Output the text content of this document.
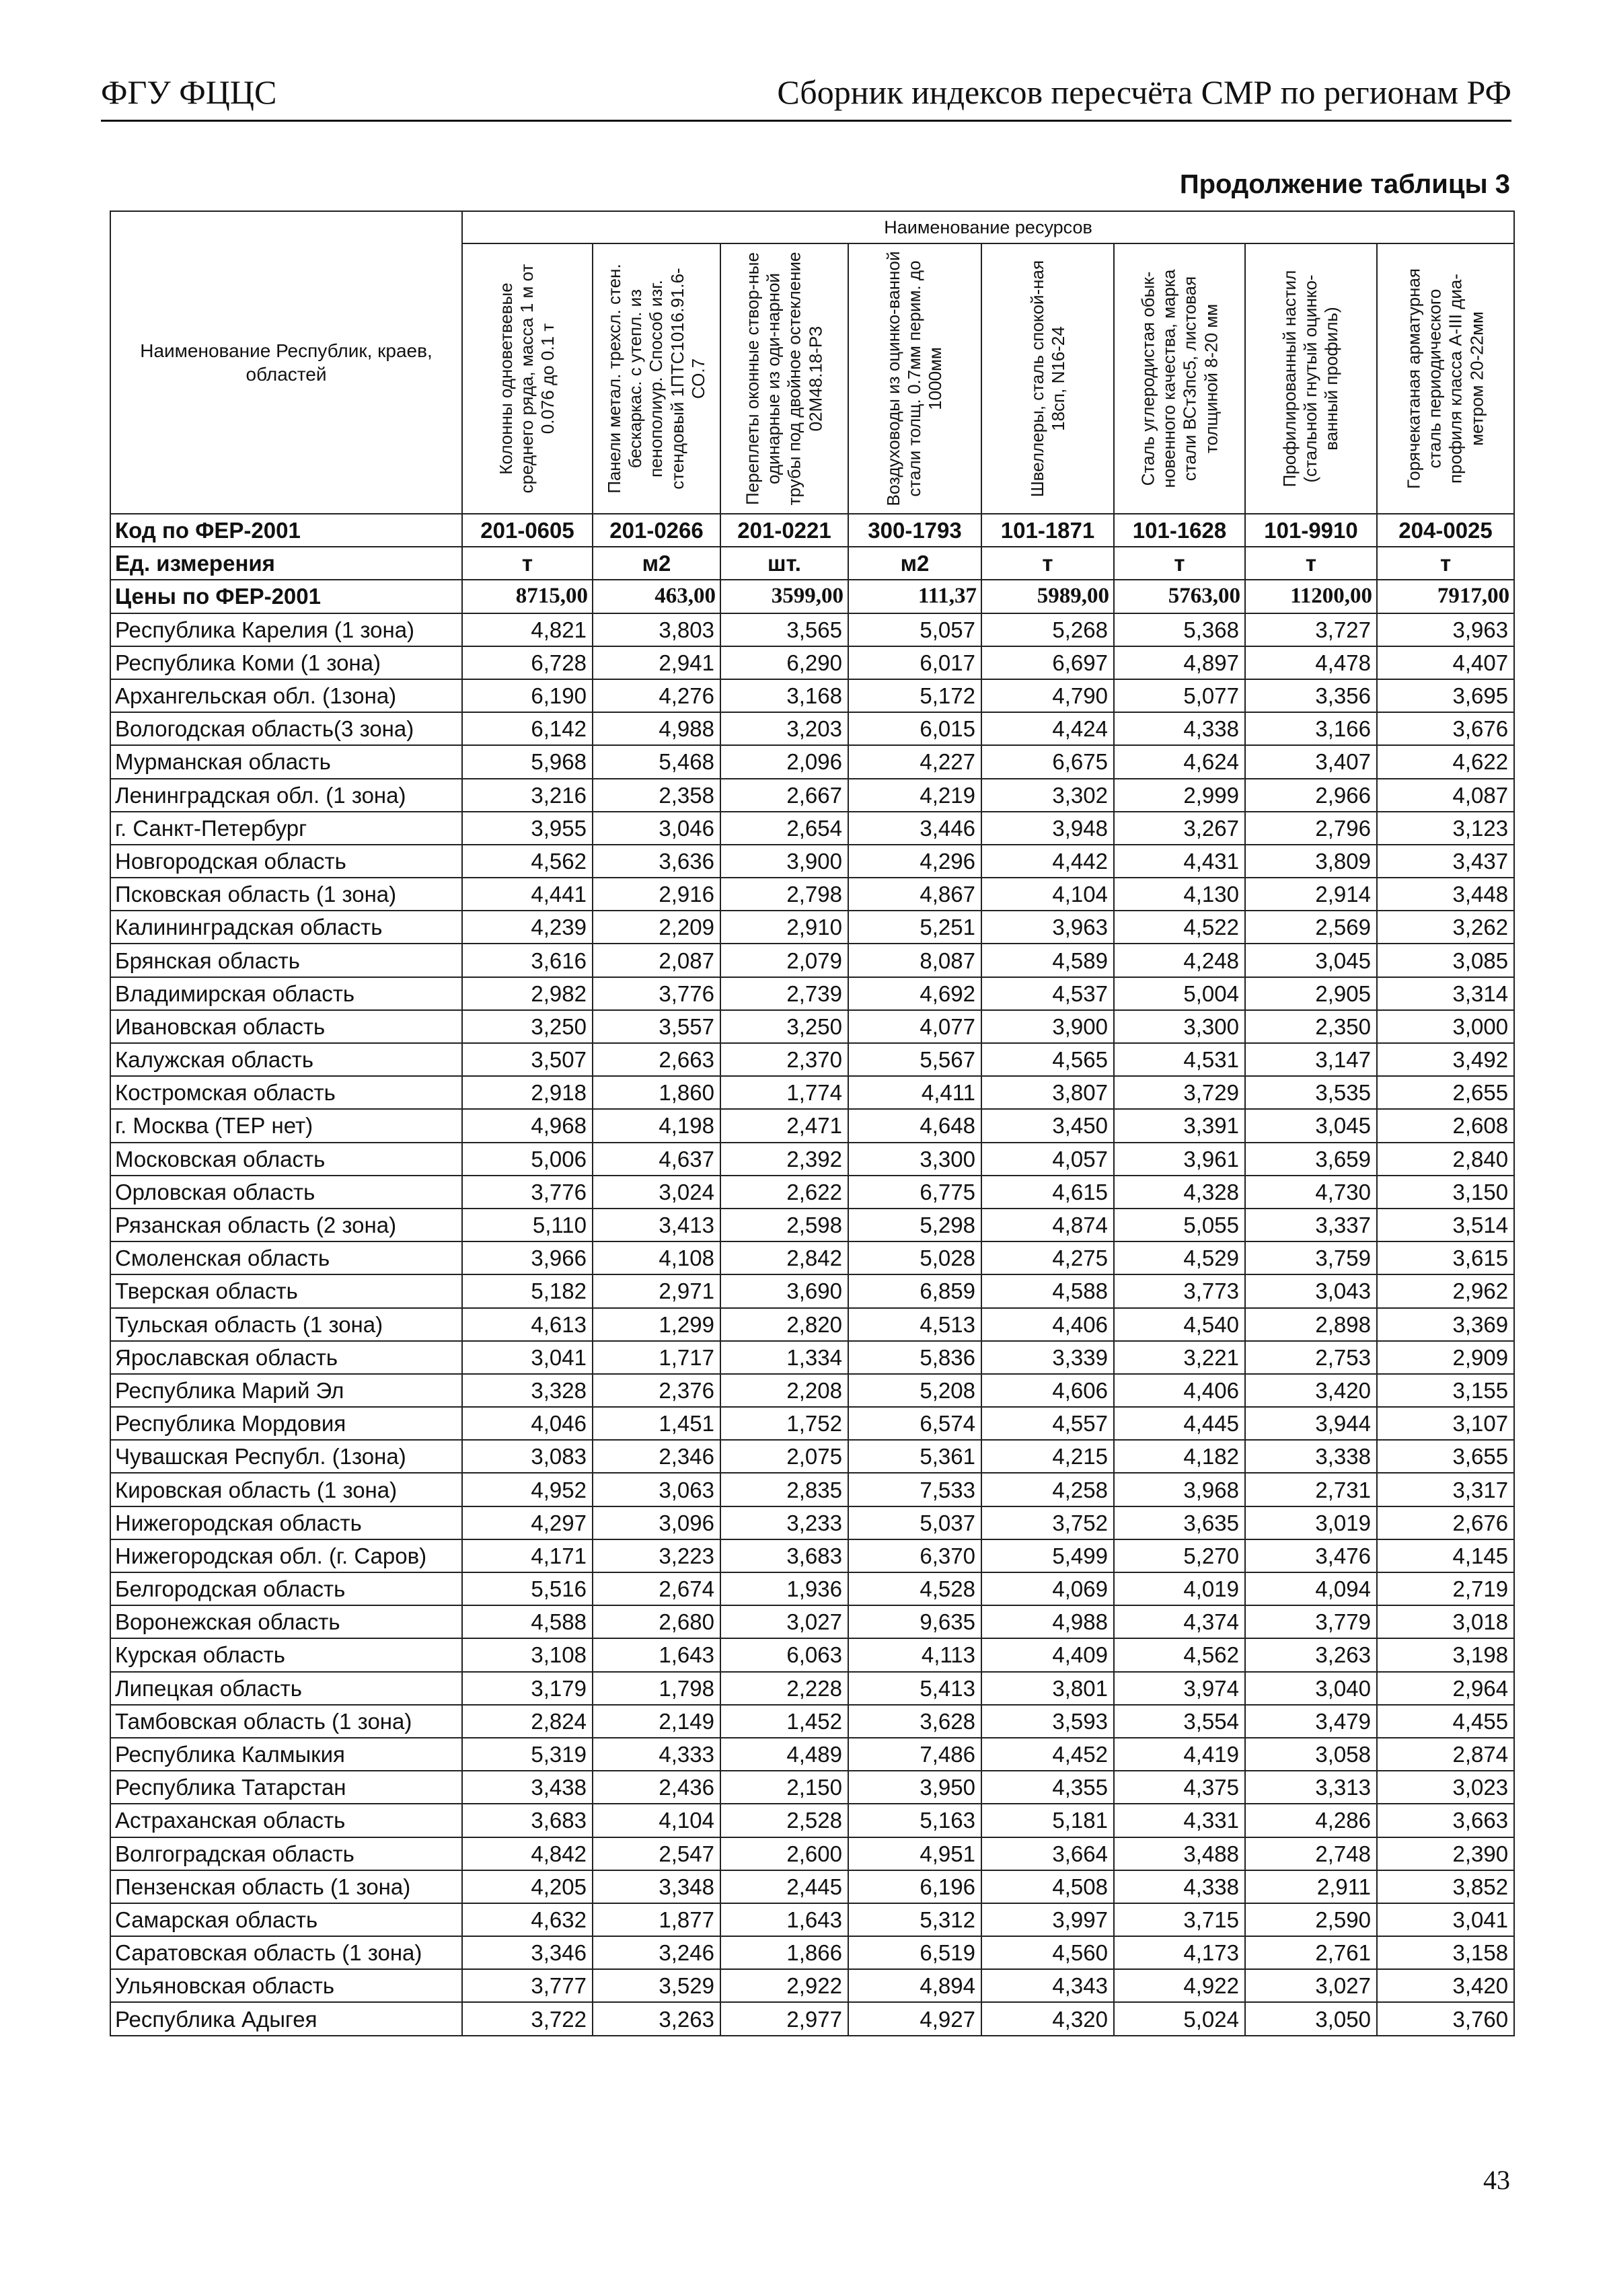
ФГУ ФЦЦС	Сборник индексов пересчёта СМР по регионам РФ
Продолжение таблицы 3
Наименование Республик, краев, областей	Наименование ресурсов							

	Колонны одноветвевые среднего ряда, масса 1 м от 0.076 до 0.1 т	Панели метал. трехсл. стен. бескаркас. с утепл. из пенополиур. Способ изг. стендовый 1ПТС1016.91.6-СО.7	Переплеты оконные створ-ные одинарные из оди-нарной трубы под двойное остекление 02М48.18-РЗ	Воздуховоды из оцинко-ванной стали толщ. 0.7мм перим. до 1000мм	Швеллеры, сталь спокой-ная 18сп, N16-24	Сталь углеродистая обык-новенного качества, марка стали ВСт3пс5, листовая толщиной 8-20 мм	Профилированный настил (стальной гнутый оцинко-ванный профиль)	Горячекатаная арматурная сталь периодического профиля класса А-III диа-метром 20-22мм

Код по ФЕР-2001	201-0605	201-0266	201-0221	300-1793	101-1871	101-1628	101-9910	204-0025
Ед. измерения	т	м2	шт.	м2	т	т	т	т
Цены по ФЕР-2001	8715,00	463,00	3599,00	111,37	5989,00	5763,00	11200,00	7917,00
Республика Карелия (1 зона)	4,821	3,803	3,565	5,057	5,268	5,368	3,727	3,963
Республика Коми (1 зона)	6,728	2,941	6,290	6,017	6,697	4,897	4,478	4,407
Архангельская обл. (1зона)	6,190	4,276	3,168	5,172	4,790	5,077	3,356	3,695
Вологодская область(3 зона)	6,142	4,988	3,203	6,015	4,424	4,338	3,166	3,676
Мурманская область	5,968	5,468	2,096	4,227	6,675	4,624	3,407	4,622
Ленинградская обл. (1 зона)	3,216	2,358	2,667	4,219	3,302	2,999	2,966	4,087
г. Санкт-Петербург	3,955	3,046	2,654	3,446	3,948	3,267	2,796	3,123
Новгородская область	4,562	3,636	3,900	4,296	4,442	4,431	3,809	3,437
Псковская область (1 зона)	4,441	2,916	2,798	4,867	4,104	4,130	2,914	3,448
Калининградская область	4,239	2,209	2,910	5,251	3,963	4,522	2,569	3,262
Брянская область	3,616	2,087	2,079	8,087	4,589	4,248	3,045	3,085
Владимирская область	2,982	3,776	2,739	4,692	4,537	5,004	2,905	3,314
Ивановская область	3,250	3,557	3,250	4,077	3,900	3,300	2,350	3,000
Калужская область	3,507	2,663	2,370	5,567	4,565	4,531	3,147	3,492
Костромская область	2,918	1,860	1,774	4,411	3,807	3,729	3,535	2,655
г. Москва (ТЕР нет)	4,968	4,198	2,471	4,648	3,450	3,391	3,045	2,608
Московская область	5,006	4,637	2,392	3,300	4,057	3,961	3,659	2,840
Орловская область	3,776	3,024	2,622	6,775	4,615	4,328	4,730	3,150
Рязанская область (2 зона)	5,110	3,413	2,598	5,298	4,874	5,055	3,337	3,514
Смоленская область	3,966	4,108	2,842	5,028	4,275	4,529	3,759	3,615
Тверская область	5,182	2,971	3,690	6,859	4,588	3,773	3,043	2,962
Тульская область (1 зона)	4,613	1,299	2,820	4,513	4,406	4,540	2,898	3,369
Ярославская область	3,041	1,717	1,334	5,836	3,339	3,221	2,753	2,909
Республика Марий Эл	3,328	2,376	2,208	5,208	4,606	4,406	3,420	3,155
Республика Мордовия	4,046	1,451	1,752	6,574	4,557	4,445	3,944	3,107
Чувашская Республ. (1зона)	3,083	2,346	2,075	5,361	4,215	4,182	3,338	3,655
Кировская область (1 зона)	4,952	3,063	2,835	7,533	4,258	3,968	2,731	3,317
Нижегородская область	4,297	3,096	3,233	5,037	3,752	3,635	3,019	2,676
Нижегородская обл. (г. Саров)	4,171	3,223	3,683	6,370	5,499	5,270	3,476	4,145
Белгородская область	5,516	2,674	1,936	4,528	4,069	4,019	4,094	2,719
Воронежская область	4,588	2,680	3,027	9,635	4,988	4,374	3,779	3,018
Курская область	3,108	1,643	6,063	4,113	4,409	4,562	3,263	3,198
Липецкая область	3,179	1,798	2,228	5,413	3,801	3,974	3,040	2,964
Тамбовская область (1 зона)	2,824	2,149	1,452	3,628	3,593	3,554	3,479	4,455
Республика Калмыкия	5,319	4,333	4,489	7,486	4,452	4,419	3,058	2,874
Республика Татарстан	3,438	2,436	2,150	3,950	4,355	4,375	3,313	3,023
Астраханская область	3,683	4,104	2,528	5,163	5,181	4,331	4,286	3,663
Волгоградская область	4,842	2,547	2,600	4,951	3,664	3,488	2,748	2,390
Пензенская область (1 зона)	4,205	3,348	2,445	6,196	4,508	4,338	2,911	3,852
Самарская область	4,632	1,877	1,643	5,312	3,997	3,715	2,590	3,041
Саратовская область (1 зона)	3,346	3,246	1,866	6,519	4,560	4,173	2,761	3,158
Ульяновская область	3,777	3,529	2,922	4,894	4,343	4,922	3,027	3,420
Республика Адыгея	3,722	3,263	2,977	4,927	4,320	5,024	3,050	3,760
43
